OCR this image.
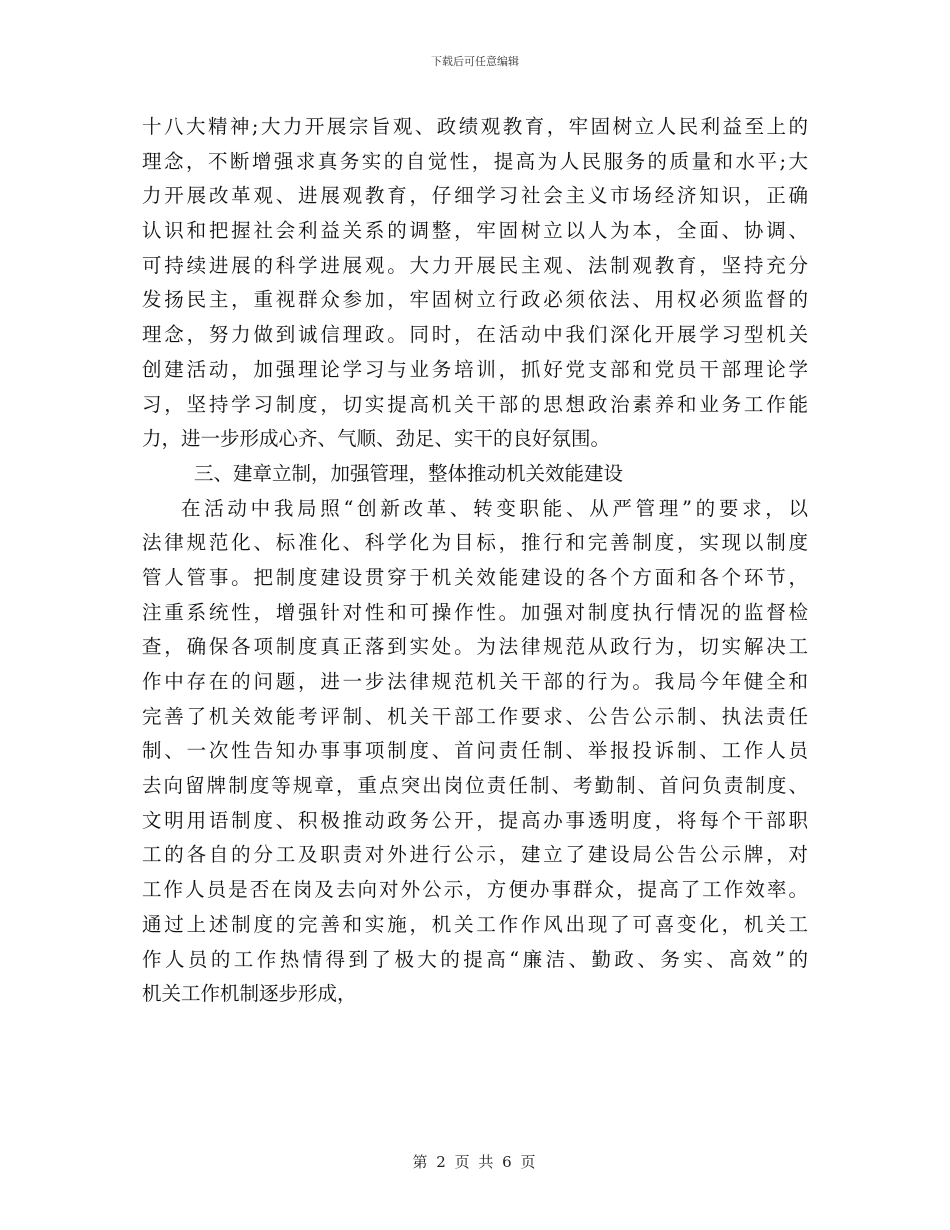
下载后可任意编辑
十八大精神;大力开展宗旨观、政绩观教育，牢固树立人民利益至上的
理念，不断增强求真务实的自觉性，提高为人民服务的质量和水平;大
力开展改革观、进展观教育，仔细学习社会主义市场经济知识，正确
认识和把握社会利益关系的调整，牢固树立以人为本，全面、协调、
可持续进展的科学进展观。大力开展民主观、法制观教育，坚持充分
发扬民主，重视群众参加，牢固树立行政必须依法、用权必须监督的
理念，努力做到诚信理政。同时，在活动中我们深化开展学习型机关
创建活动，加强理论学习与业务培训，抓好党支部和党员干部理论学
习，坚持学习制度，切实提高机关干部的思想政治素养和业务工作能
力，进一步形成心齐、气顺、劲足、实干的良好氛围。
三、建章立制，加强管理，整体推动机关效能建设
在活动中我局照“创新改革、转变职能、从严管理”的要求，以
法律规范化、标准化、科学化为目标，推行和完善制度，实现以制度
管人管事。把制度建设贯穿于机关效能建设的各个方面和各个环节，
注重系统性，增强针对性和可操作性。加强对制度执行情况的监督检
查，确保各项制度真正落到实处。为法律规范从政行为，切实解决工
作中存在的问题，进一步法律规范机关干部的行为。我局今年健全和
完善了机关效能考评制、机关干部工作要求、公告公示制、执法责任
制、一次性告知办事事项制度、首问责任制、举报投诉制、工作人员
去向留牌制度等规章，重点突出岗位责任制、考勤制、首问负责制度、
文明用语制度、积极推动政务公开，提高办事透明度，将每个干部职
工的各自的分工及职责对外进行公示，建立了建设局公告公示牌，对
工作人员是否在岗及去向对外公示，方便办事群众，提高了工作效率。
通过上述制度的完善和实施，机关工作作风出现了可喜变化，机关工
作人员的工作热情得到了极大的提高“廉洁、勤政、务实、高效”的
机关工作机制逐步形成，
第 2 页 共 6 页
